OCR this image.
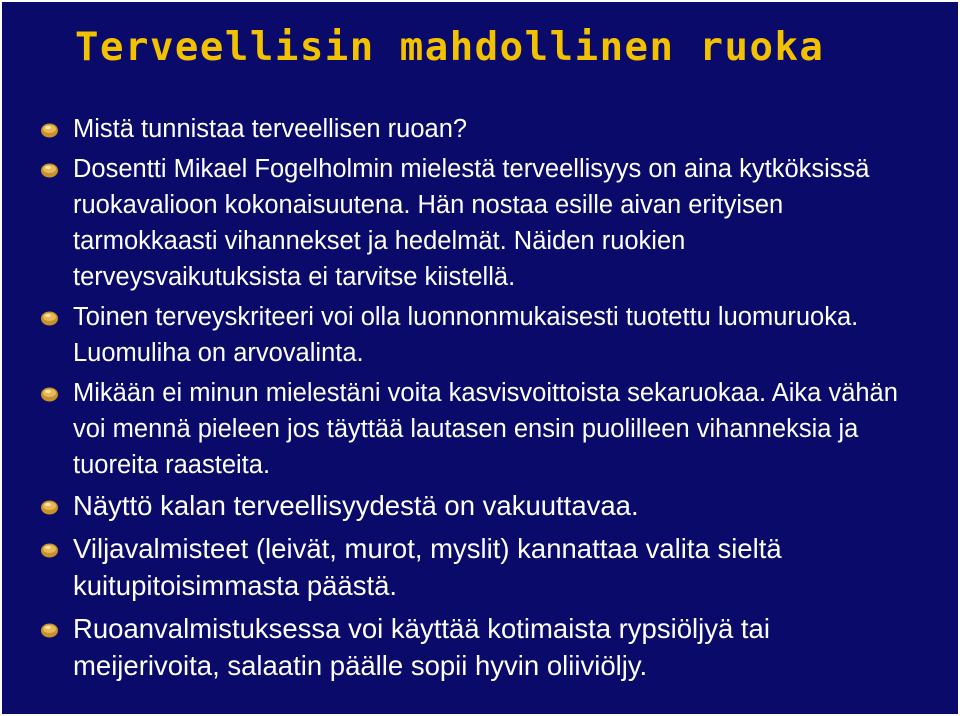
Terveellisin mahdollinen ruoka
Mistä tunnistaa terveellisen ruoan?
Dosentti Mikael Fogelholmin mielestä terveellisyys on aina kytköksissä ruokavalioon kokonaisuutena. Hän nostaa esille aivan erityisen tarmokkaasti vihannekset ja hedelmät. Näiden ruokien terveysvaikutuksista ei tarvitse kiistellä.
Toinen terveyskriteeri voi olla luonnonmukaisesti tuotettu luomuruoka. Luomuliha on arvovalinta.
Mikään ei minun mielestäni voita kasvisvoittoista sekaruokaa. Aika vähän voi mennä pieleen jos täyttää lautasen ensin puolilleen vihanneksia ja tuoreita raasteita.
Näyttö kalan terveellisyydestä on vakuuttavaa.
Viljavalmisteet (leivät, murot, myslit) kannattaa valita sieltä kuitupitoisimmasta päästä.
Ruoanvalmistuksessa voi käyttää kotimaista rypsiöljyä tai meijerivoita, salaatin päälle sopii hyvin oliiviöljy.
